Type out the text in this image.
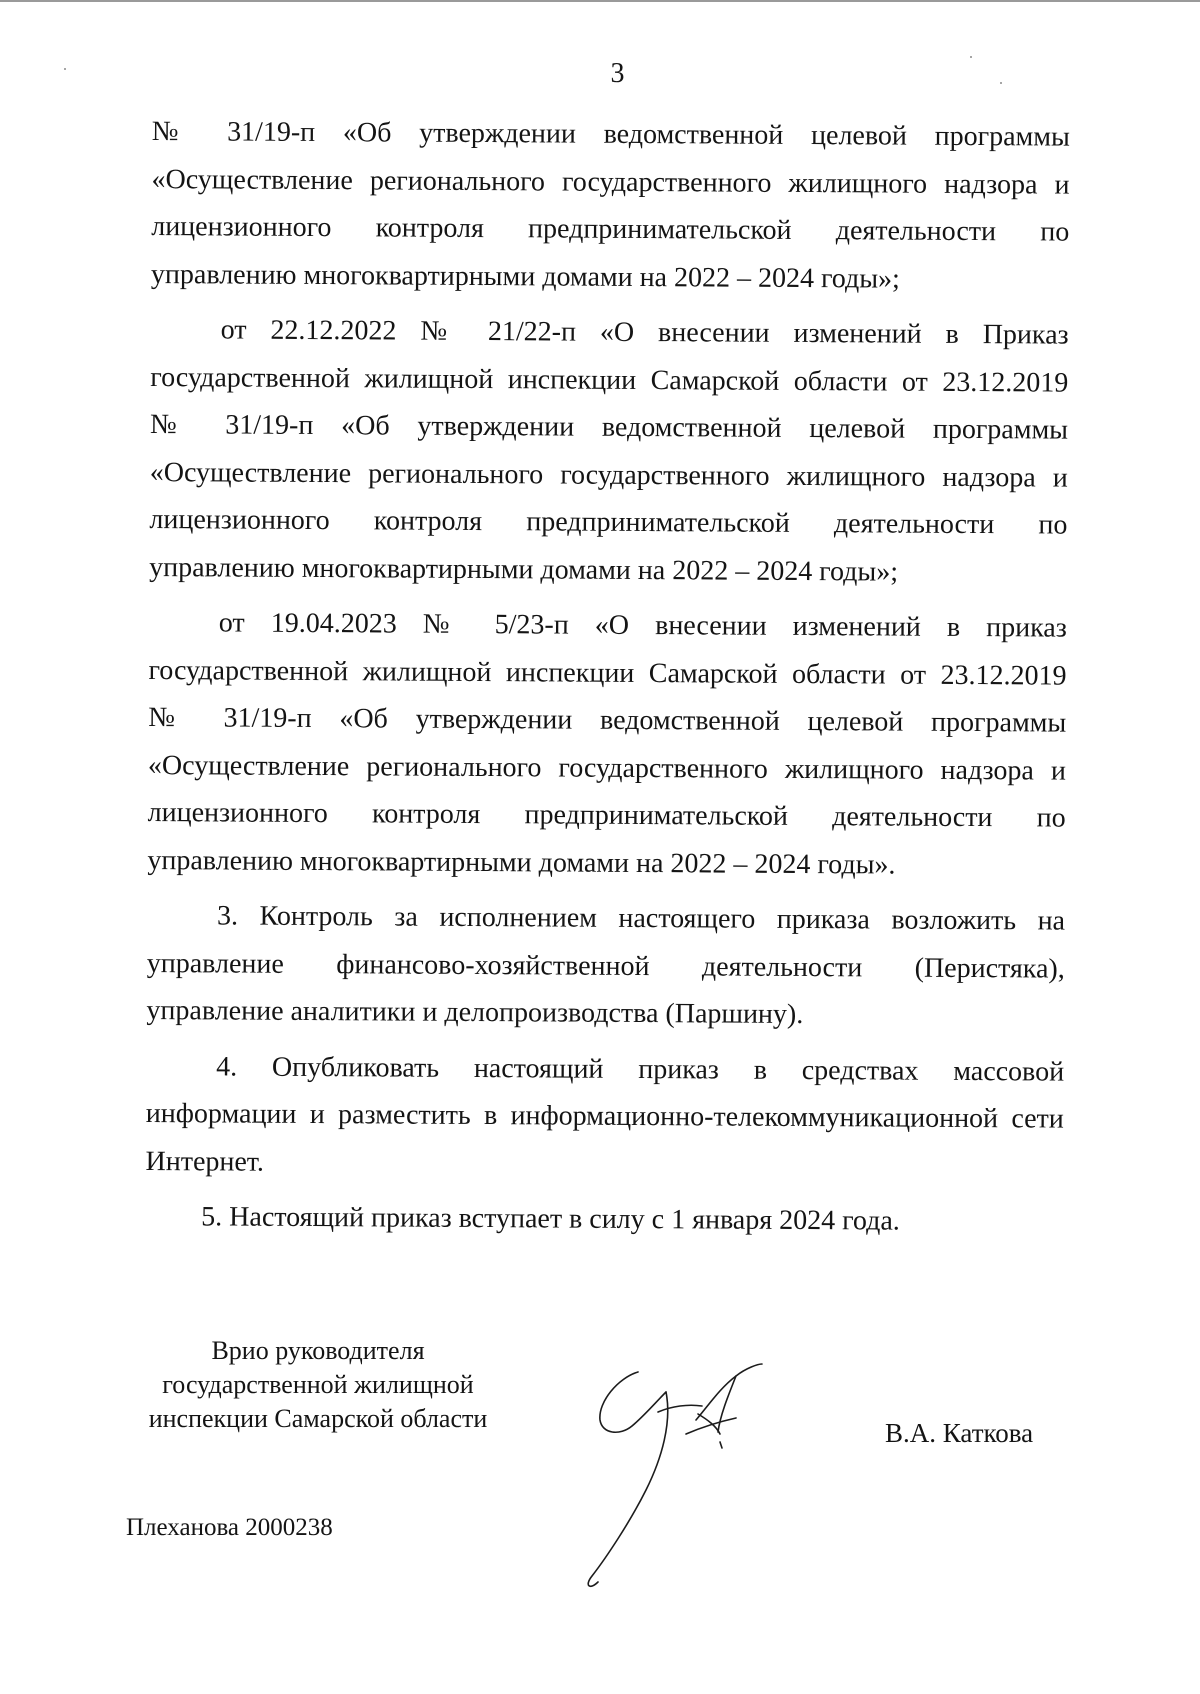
3
№ 31/19-п «Об утверждении ведомственной целевой программы
«Осуществление регионального государственного жилищного надзора и
лицензионного контроля предпринимательской деятельности по
управлению многоквартирными домами на 2022 – 2024 годы»;
от 22.12.2022 № 21/22-п «О внесении изменений в Приказ
государственной жилищной инспекции Самарской области от 23.12.2019
№ 31/19-п «Об утверждении ведомственной целевой программы
«Осуществление регионального государственного жилищного надзора и
лицензионного контроля предпринимательской деятельности по
управлению многоквартирными домами на 2022 – 2024 годы»;
от 19.04.2023 № 5/23-п «О внесении изменений в приказ
государственной жилищной инспекции Самарской области от 23.12.2019
№ 31/19-п «Об утверждении ведомственной целевой программы
«Осуществление регионального государственного жилищного надзора и
лицензионного контроля предпринимательской деятельности по
управлению многоквартирными домами на 2022 – 2024 годы».
3. Контроль за исполнением настоящего приказа возложить на
управление финансово-хозяйственной деятельности (Перистяка),
управление аналитики и делопроизводства (Паршину).
4. Опубликовать настоящий приказ в средствах массовой
информации и разместить в информационно-телекоммуникационной сети
Интернет.
5. Настоящий приказ вступает в силу с 1 января 2024 года.
Врио руководителя
государственной жилищной
инспекции Самарской области	В.А. Каткова
Плеханова 2000238
